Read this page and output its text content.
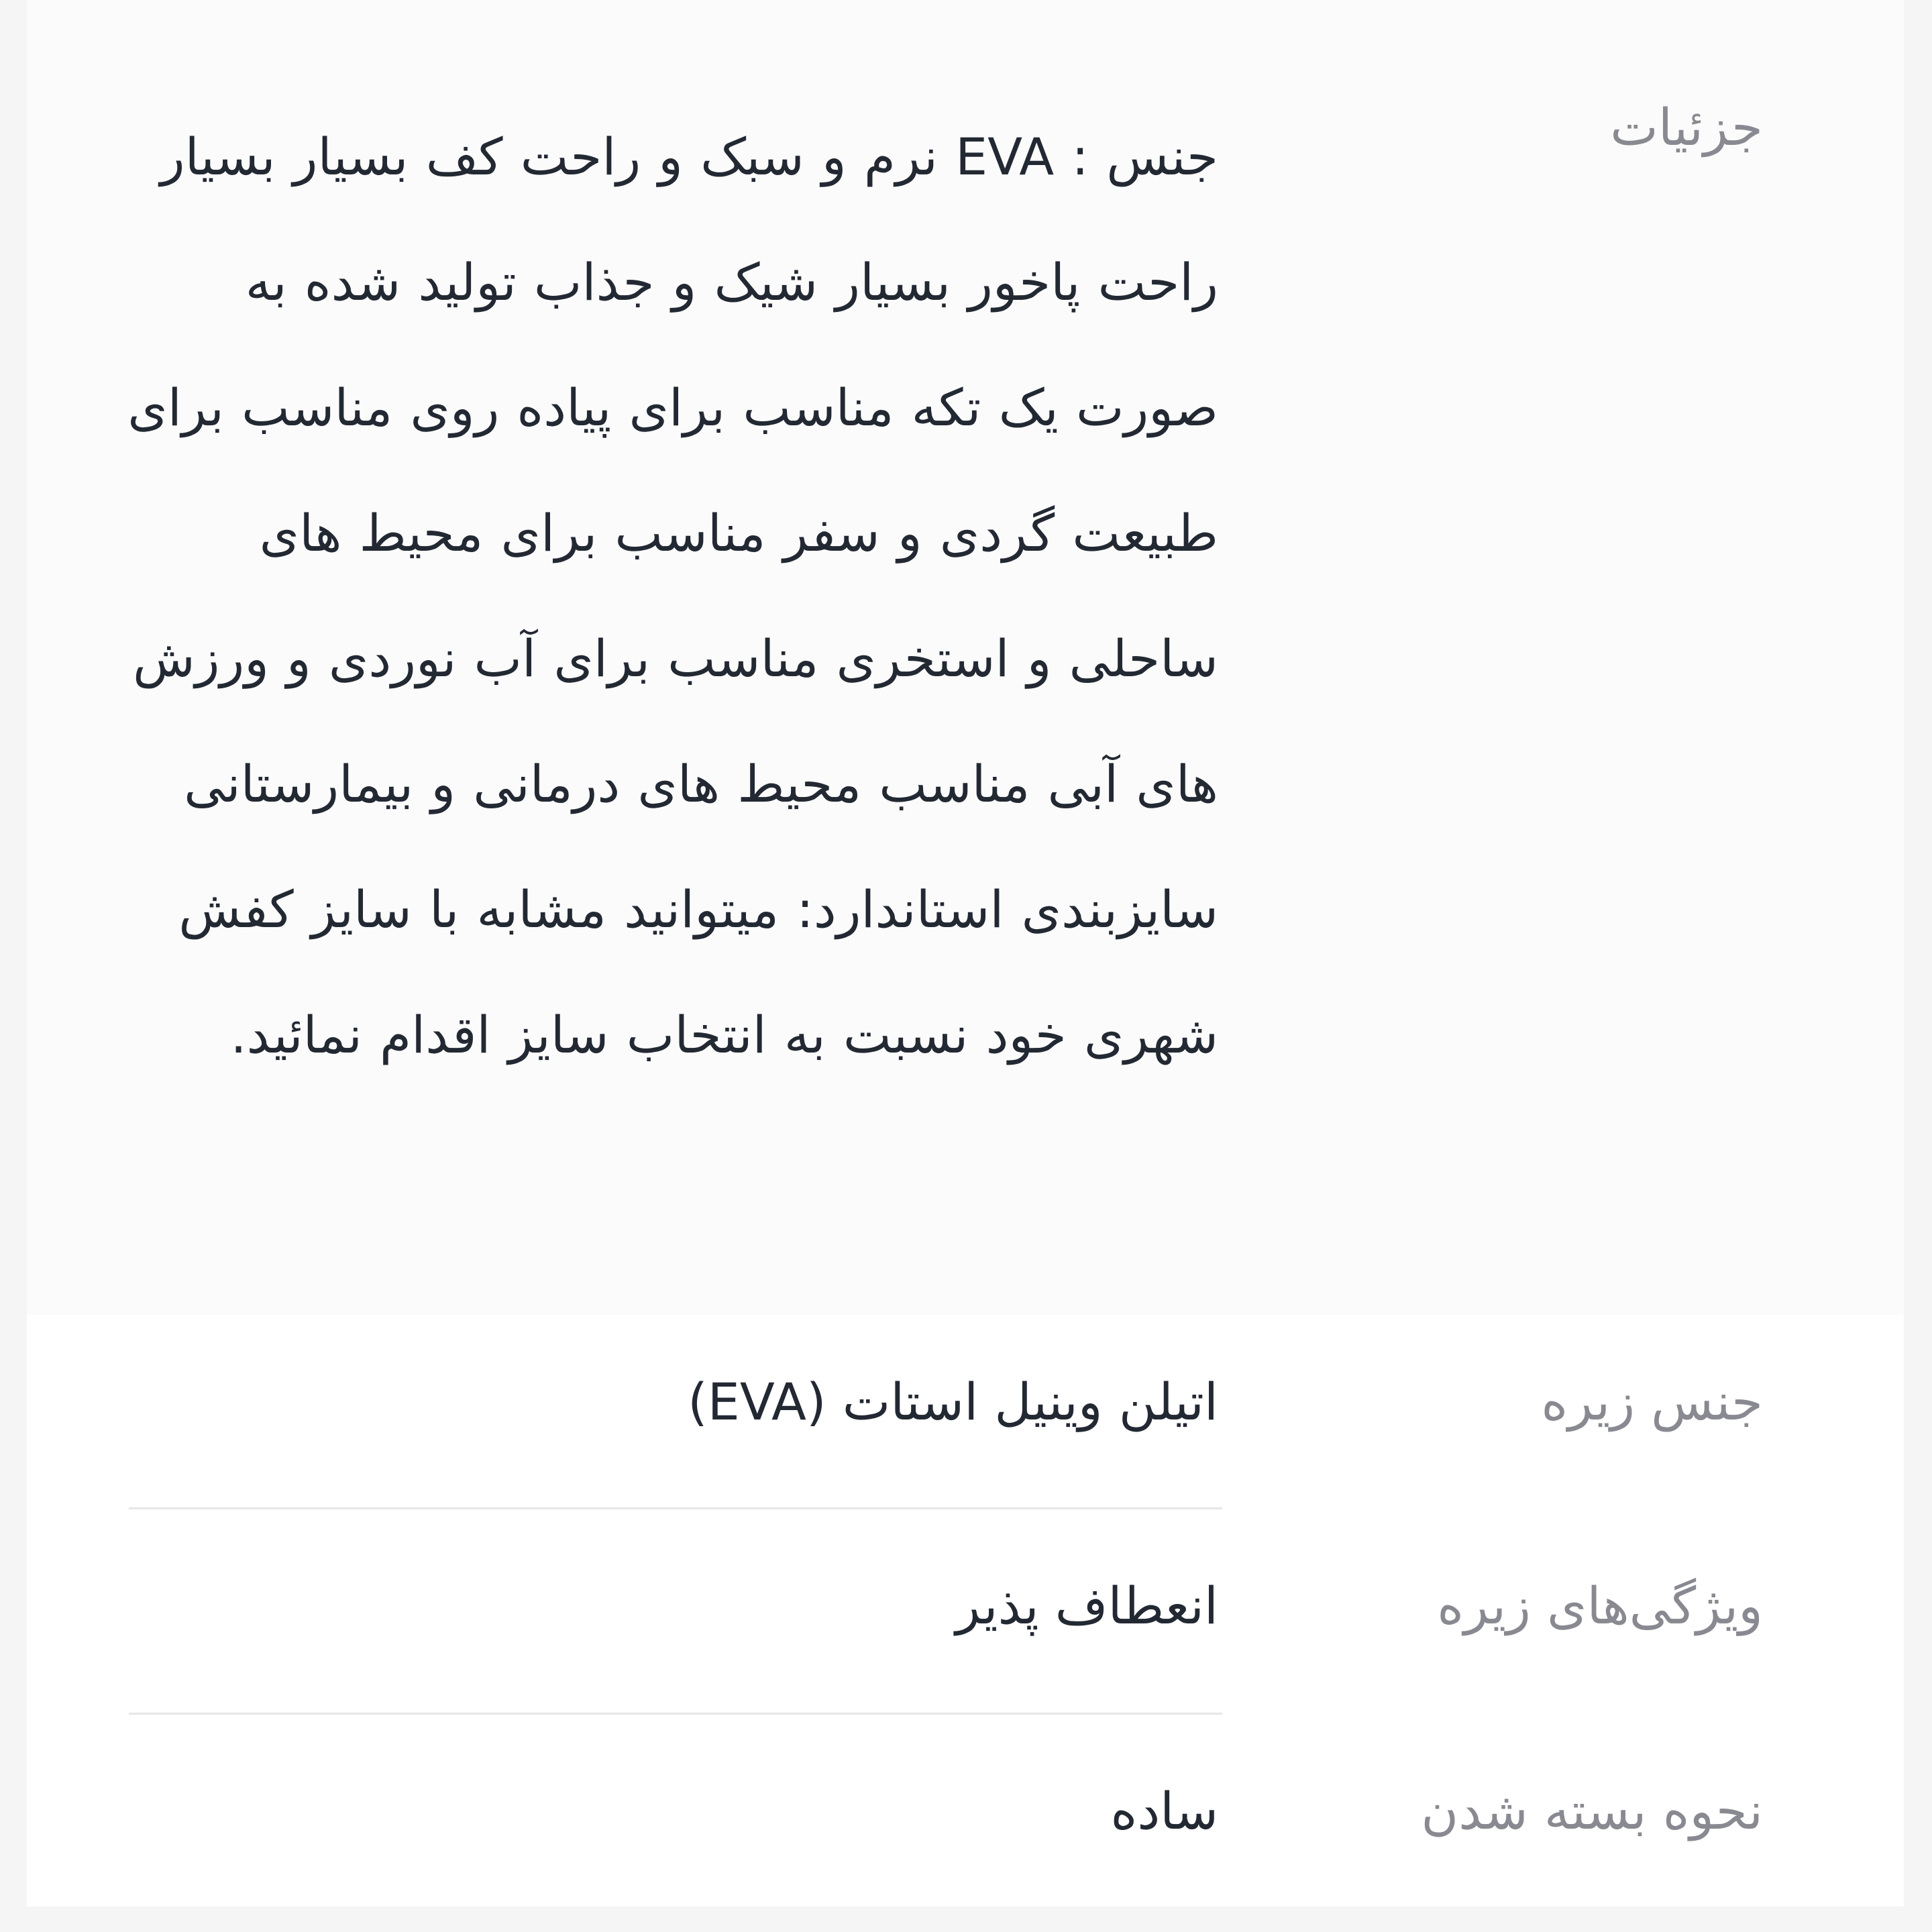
جزئیات
جنس : EVA نرم و سبک و راحت کف بسیار بسیار راحت پاخور بسیار شیک و جذاب تولید شده به صورت یک تکه مناسب برای پیاده روی مناسب برای طبیعت گردی و سفر مناسب برای محیط های ساحلی و استخری مناسب برای آب نوردی و ورزش های آبی مناسب محیط های درمانی و بیمارستانی سایزبندی استاندارد: میتوانید مشابه با سایز کفش شهری خود نسبت به انتخاب سایز اقدام نمائید.
جنس زیره
اتیلن وینیل استات (EVA)
ویژگی‌های زیره
انعطاف پذیر
نحوه بسته شدن
ساده
